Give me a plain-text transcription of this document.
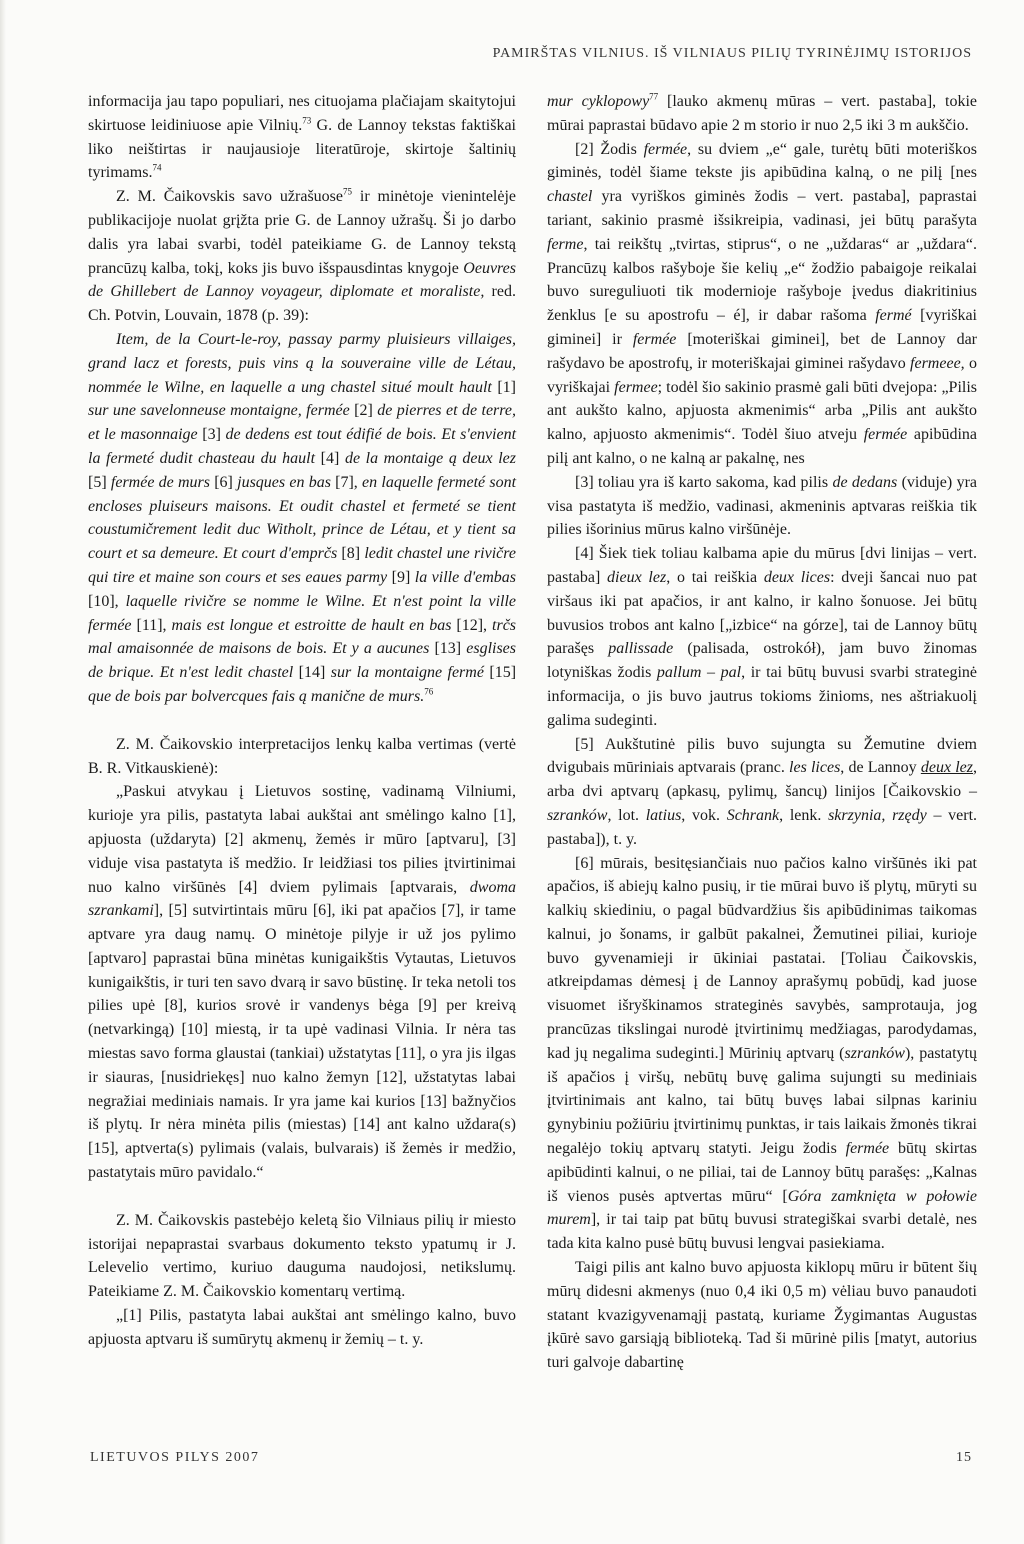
PAMIRŠTAS VILNIUS. IŠ VILNIAUS PILIŲ TYRINĖJIMŲ ISTORIJOS

informacija jau tapo populiari, nes cituojama plačiajam skaitytojui skirtuose leidiniuose apie Vilnių.$^{73}$ G. de Lannoy tekstas faktiškai liko neištirtas ir naujausioje literatūroje, skirtoje šaltinių tyrimams.$^{74}$

Z. M. Čaikovskis savo užrašuose$^{75}$ ir minėtoje vienintelėje publikacijoje nuolat grįžta prie G. de Lannoy užrašų. Ši jo darbo dalis yra labai svarbi, todėl pateikiame G. de Lannoy tekstą prancūzų kalba, tokį, koks jis buvo išspausdintas knygoje Oeuvres de Ghillebert de Lannoy voyageur, diplomate et moraliste, red. Ch. Potvin, Louvain, 1878 (p. 39):

Item, de la Court-le-roy, passay parmy pluisieurs villaiges, grand lacz et forests, puis vins ą la souveraine ville de Létau, nommée le Wilne, en laquelle a ung chastel situé moult hault [1] sur une savelonneuse montaigne, fermée [2] de pierres et de terre, et le masonnaige [3] de dedens est tout édifié de bois. Et s'envient la fermeté dudit chasteau du hault [4] de la montaige ą deux lez [5] fermée de murs [6] jusques en bas [7], en laquelle fermeté sont encloses pluiseurs maisons. Et oudit chastel et fermeté se tient coustumičrement ledit duc Witholt, prince de Létau, et y tient sa court et sa demeure. Et court d'emprčs [8] ledit chastel une rivičre qui tire et maine son cours et ses eaues parmy [9] la ville d'embas [10], laquelle rivičre se nomme le Wilne. Et n'est point la ville fermée [11], mais est longue et estroitte de hault en bas [12], trčs mal amaisonnée de maisons de bois. Et y a aucunes [13] esglises de brique. Et n'est ledit chastel [14] sur la montaigne fermé [15] que de bois par bolvercques fais ą manične de murs.$^{76}$

Z. M. Čaikovskio interpretacijos lenkų kalba vertimas (vertė B. R. Vitkauskienė):

„Paskui atvykau į Lietuvos sostinę, vadinamą Vilniumi, kurioje yra pilis, pastatyta labai aukštai ant smėlingo kalno [1], apjuosta (uždaryta) [2] akmenų, žemės ir mūro [aptvaru], [3] viduje visa pastatyta iš medžio. Ir leidžiasi tos pilies įtvirtinimai nuo kalno viršūnės [4] dviem pylimais [aptvarais, dwoma szrankami], [5] sutvirtintais mūru [6], iki pat apačios [7], ir tame aptvare yra daug namų. O minėtoje pilyje ir už jos pylimo [aptvaro] paprastai būna minėtas kunigaikštis Vytautas, Lietuvos kunigaikštis, ir turi ten savo dvarą ir savo būstinę. Ir teka netoli tos pilies upė [8], kurios srovė ir vandenys bėga [9] per kreivą (netvarkingą) [10] miestą, ir ta upė vadinasi Vilnia. Ir nėra tas miestas savo forma glaustai (tankiai) užstatytas [11], o yra jis ilgas ir siauras, [nusidriekęs] nuo kalno žemyn [12], užstatytas labai negražiai mediniais namais. Ir yra jame kai kurios [13] bažnyčios iš plytų. Ir nėra minėta pilis (miestas) [14] ant kalno uždara(s) [15], aptverta(s) pylimais (valais, bulvarais) iš žemės ir medžio, pastatytais mūro pavidalo.“

Z. M. Čaikovskis pastebėjo keletą šio Vilniaus pilių ir miesto istorijai nepaprastai svarbaus dokumento teksto ypatumų ir J. Lelevelio vertimo, kuriuo dauguma naudojosi, netikslumų. Pateikiame Z. M. Čaikovskio komentarų vertimą.

„[1] Pilis, pastatyta labai aukštai ant smėlingo kalno, buvo apjuosta aptvaru iš sumūrytų akmenų ir žemių – t. y.

mur cyklopowy$^{77}$ [lauko akmenų mūras – vert. pastaba], tokie mūrai paprastai būdavo apie 2 m storio ir nuo 2,5 iki 3 m aukščio.

[2] Žodis fermée, su dviem „e“ gale, turėtų būti moteriškos giminės, todėl šiame tekste jis apibūdina kalną, o ne pilį [nes chastel yra vyriškos giminės žodis – vert. pastaba], paprastai tariant, sakinio prasmė išsikreipia, vadinasi, jei būtų parašyta ferme, tai reikštų „tvirtas, stiprus“, o ne „uždaras“ ar „uždara“. Prancūzų kalbos rašyboje šie kelių „e“ žodžio pabaigoje reikalai buvo sureguliuoti tik modernioje rašyboje įvedus diakritinius ženklus [e su apostrofu – é], ir dabar rašoma fermé [vyriškai gimineі] ir fermée [moteriškai giminei], bet de Lannoy dar rašydavo be apostrofų, ir moteriškajai giminei rašydavo fermeee, o vyriškajai fermee; todėl šio sakinio prasmė gali būti dvejopa: „Pilis ant aukšto kalno, apjuosta akmenimis“ arba „Pilis ant aukšto kalno, apjuosto akmenimis“. Todėl šiuo atveju fermée apibūdina pilį ant kalno, o ne kalną ar pakalnę, nes

[3] toliau yra iš karto sakoma, kad pilis de dedans (viduje) yra visa pastatyta iš medžio, vadinasi, akmeninis aptvaras reiškia tik pilies išorinius mūrus kalno viršūnėje.

[4] Šiek tiek toliau kalbama apie du mūrus [dvi linijas – vert. pastaba] dieux lez, o tai reiškia deux lices: dveji šancai nuo pat viršaus iki pat apačios, ir ant kalno, ir kalno šonuose. Jei būtų buvusios trobos ant kalno [„izbice“ na górze], tai de Lannoy būtų parašęs pallissade (palisada, ostrokół), jam buvo žinomas lotyniškas žodis pallum – pal, ir tai būtų buvusi svarbi strateginė informacija, o jis buvo jautrus tokioms žinioms, nes aštriakuolį galima sudeginti.

[5] Aukštutinė pilis buvo sujungta su Žemutine dviem dvigubais mūriniais aptvarais (pranc. les lices, de Lannoy deux lez, arba dvi aptvarų (apkasų, pylimų, šancų) linijos [Čaikovskio – szranków, lot. latius, vok. Schrank, lenk. skrzynia, rzędy – vert. pastaba]), t. y.

[6] mūrais, besitęsiančiais nuo pačios kalno viršūnės iki pat apačios, iš abiejų kalno pusių, ir tie mūrai buvo iš plytų, mūryti su kalkių skiediniu, o pagal būdvardžius šis apibūdinimas taikomas kalnui, jo šonams, ir galbūt pakalnei, Žemutinei piliai, kurioje buvo gyvenamieji ir ūkiniai pastatai. [Toliau Čaikovskis, atkreipdamas dėmesį į de Lannoy aprašymų pobūdį, kad juose visuomet išryškinamos strateginės savybės, samprotauja, jog prancūzas tikslingai nurodė įtvirtinimų medžiagas, parodydamas, kad jų negalima sudeginti.] Mūrinių aptvarų (szranków), pastatytų iš apačios į viršų, nebūtų buvę galima sujungti su mediniais įtvirtinimais ant kalno, tai būtų buvęs labai silpnas kariniu gynybiniu požiūriu įtvirtinimų punktas, ir tais laikais žmonės tikrai negalėjo tokių aptvarų statyti. Jeigu žodis fermée būtų skirtas apibūdinti kalnui, o ne piliai, tai de Lannoy būtų parašęs: „Kalnas iš vienos pusės aptvertas mūru“ [Góra zamknięta w połowie murem], ir tai taip pat būtų buvusi strategiškai svarbi detalė, nes tada kita kalno pusė būtų buvusi lengvai pasiekiama.

Taigi pilis ant kalno buvo apjuosta kiklopų mūru ir būtent šių mūrų didesni akmenys (nuo 0,4 iki 0,5 m) vėliau buvo panaudoti statant kvazigyvenamąjį pastatą, kuriame Žygimantas Augustas įkūrė savo garsiąją biblioteką. Tad ši mūrinė pilis [matyt, autorius turi galvoje dabartinę

LIETUVOS PILYS 2007	15
